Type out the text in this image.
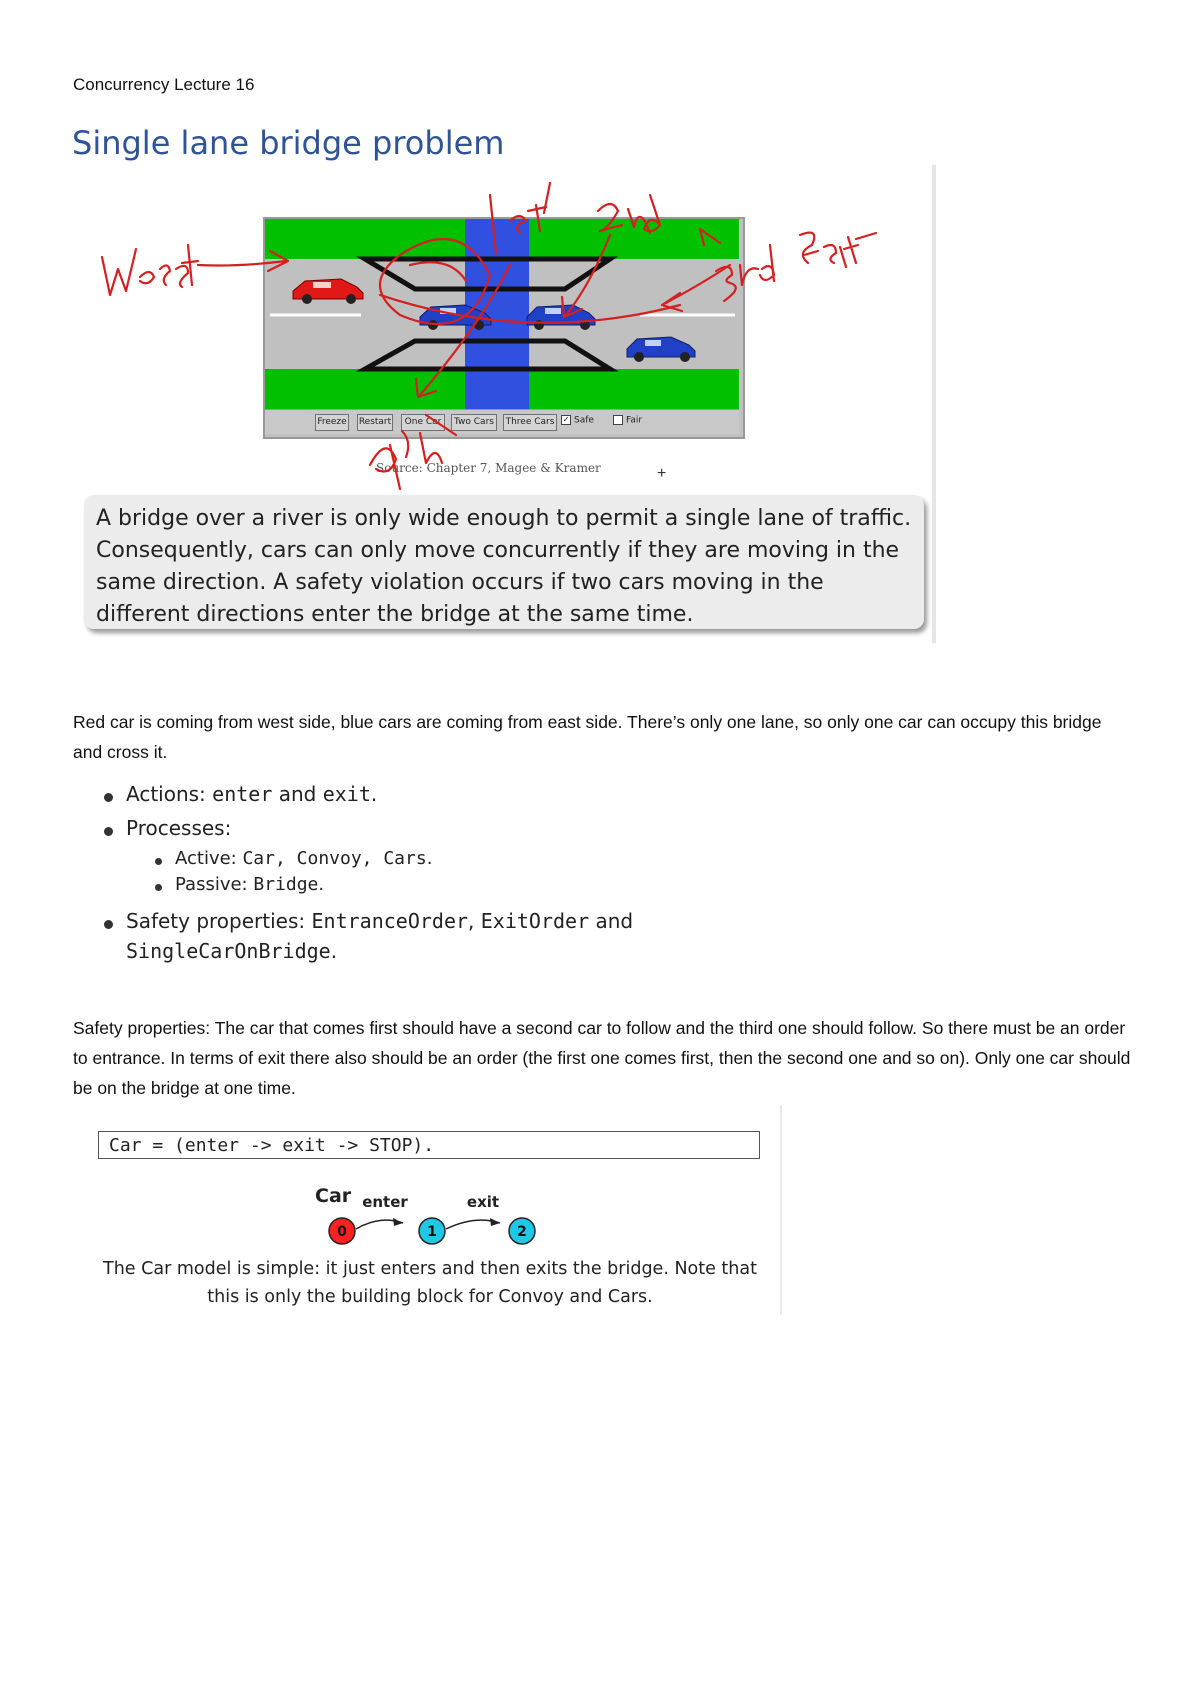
Concurrency Lecture 16
Single lane bridge problem
Freeze Restart	One Car	Two Cars	Three Cars	✓ Safe	Fair
Source: Chapter 7, Magee & Kramer	+

A bridge over a river is only wide enough to permit a single lane of traffic. Consequently, cars can only move concurrently if they are moving in the same direction. A safety violation occurs if two cars moving in the different directions enter the bridge at the same time.

Red car is coming from west side, blue cars are coming from east side. There’s only one lane, so only one car can occupy this bridge and cross it.

Actions: enter and exit.
Processes:
Active: Car, Convoy, Cars.
Passive: Bridge.
Safety properties: EntranceOrder, ExitOrder and
SingleCarOnBridge.

Safety properties: The car that comes first should have a second car to follow and the third one should follow. So there must be an order to entrance. In terms of exit there also should be an order (the first one comes first, then the second one and so on). Only one car should be on the bridge at one time.

Car = (enter -> exit -> STOP).
Car enter	exit
0	1	2
The Car model is simple: it just enters and then exits the bridge. Note that this is only the building block for Convoy and Cars.
